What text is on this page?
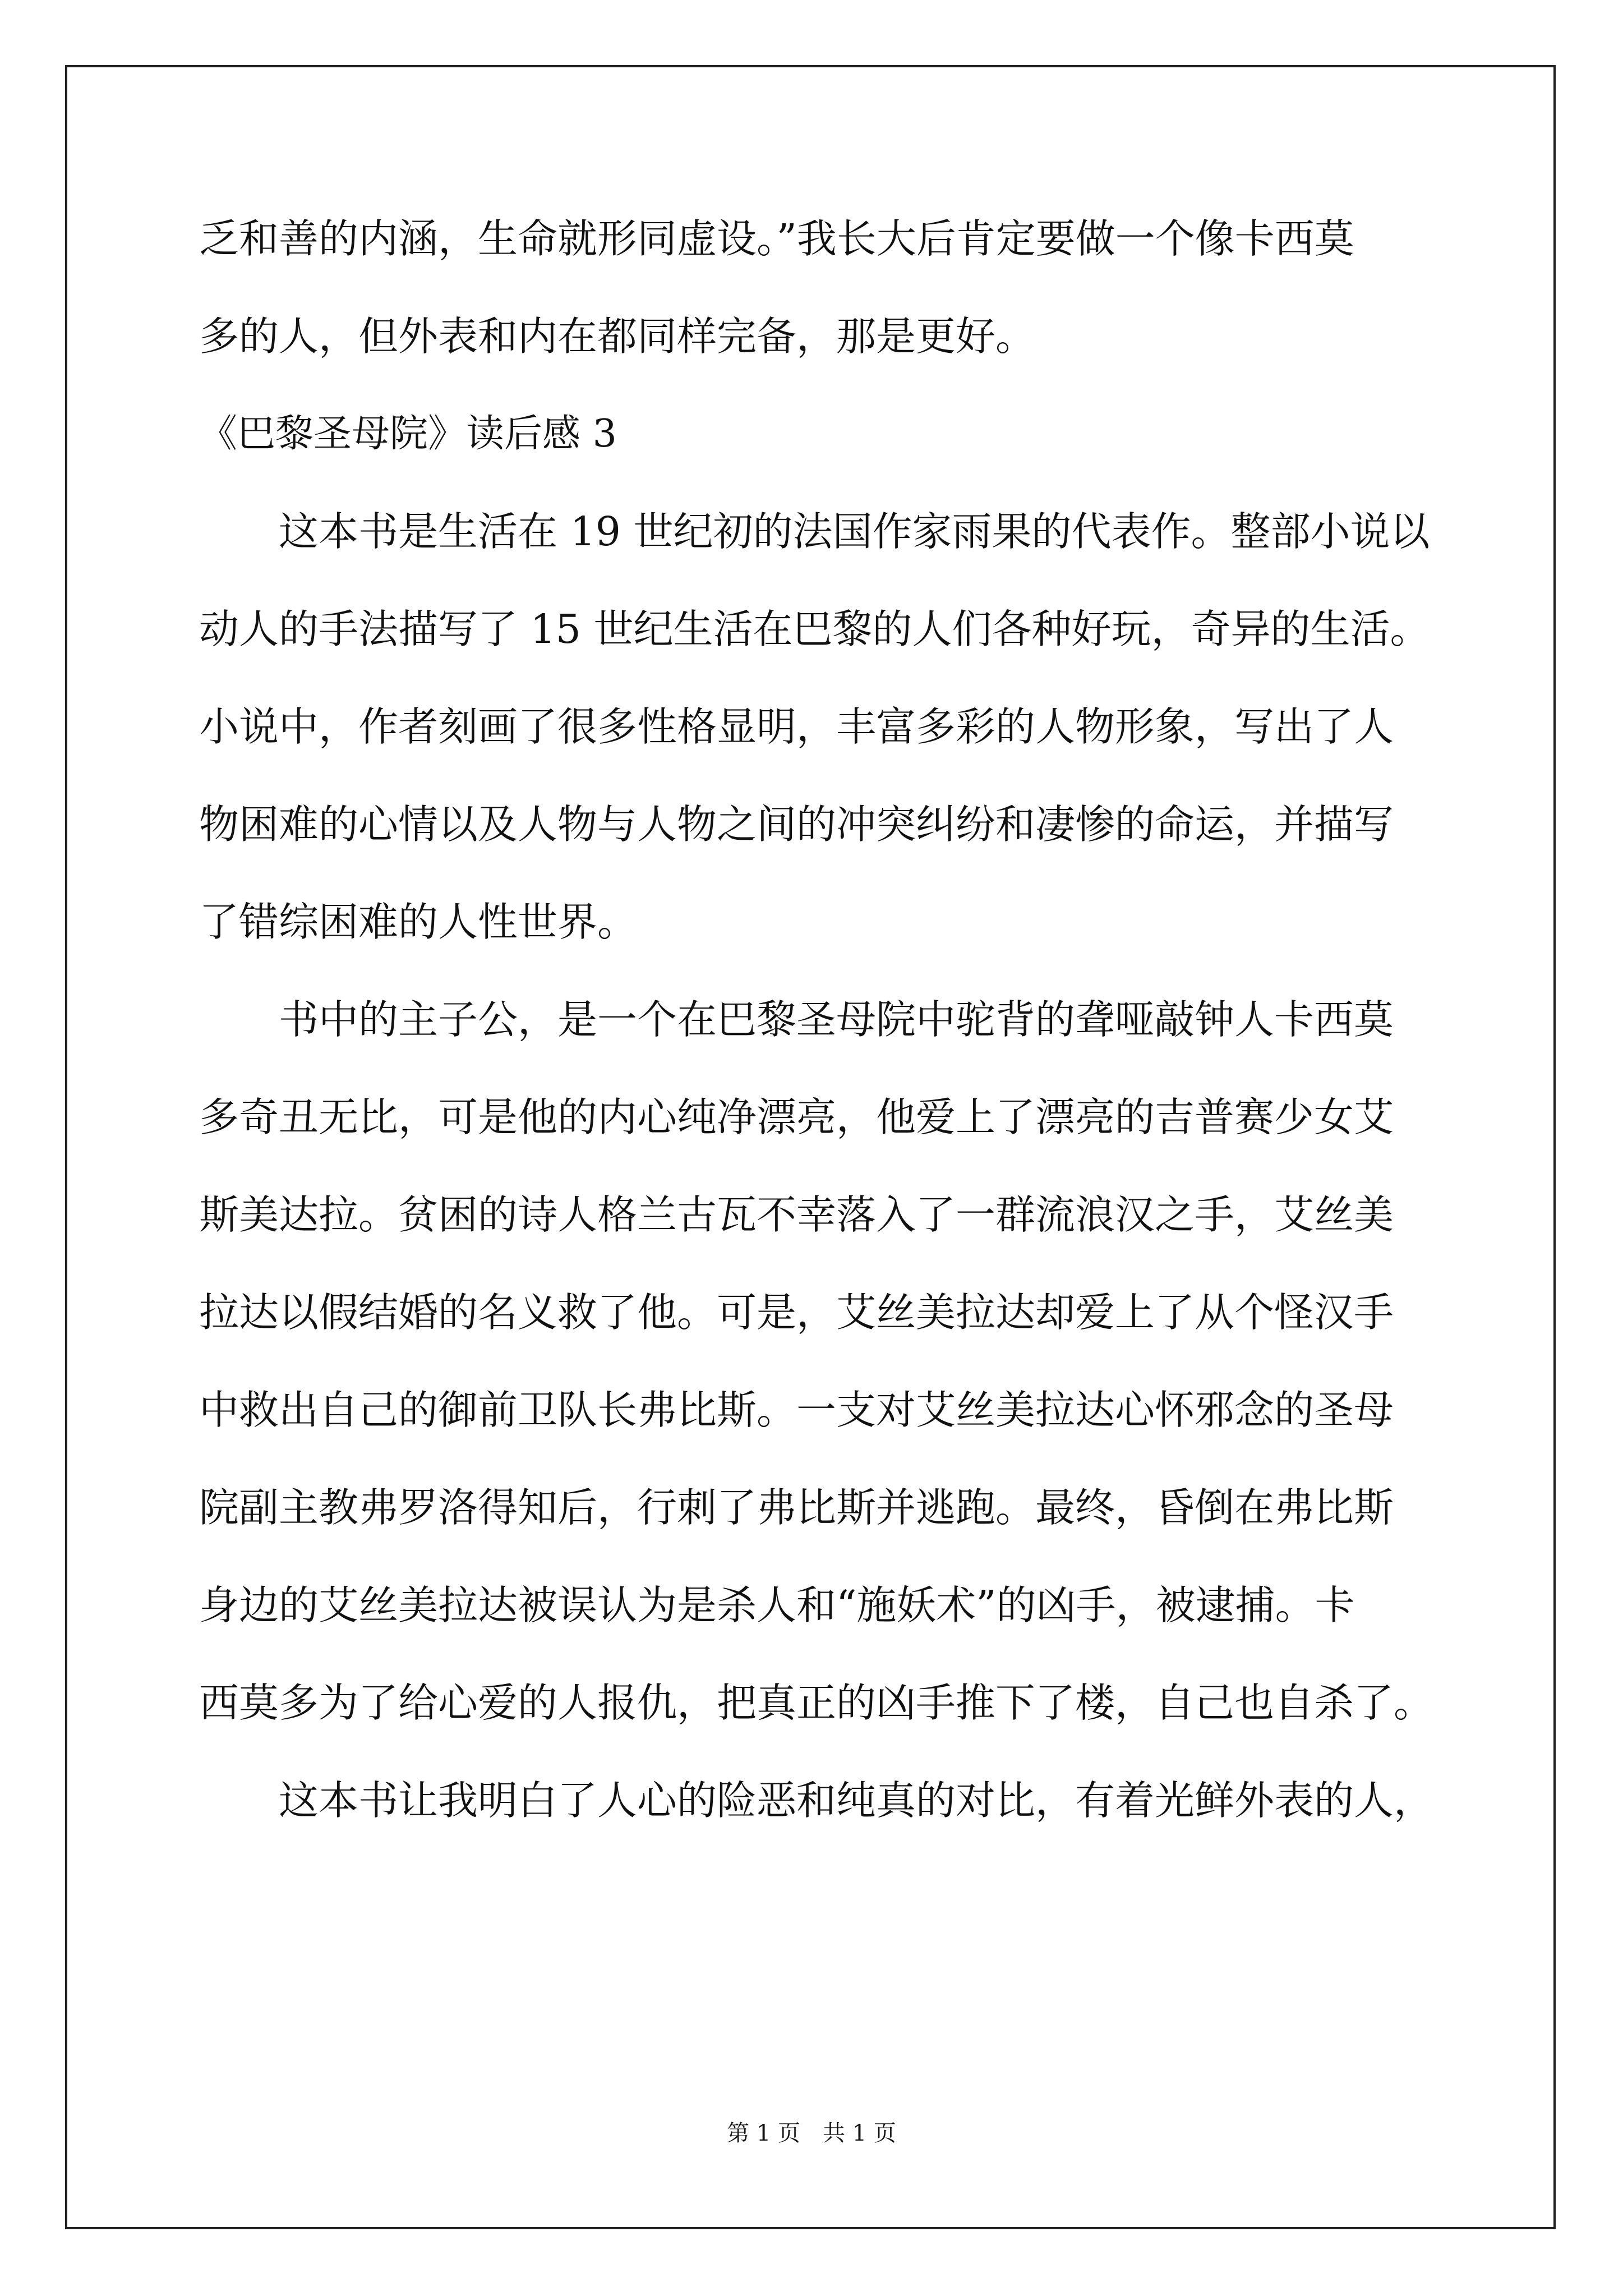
乏和善的内涵，生命就形同虚设。”我长大后肯定要做一个像卡西莫
多的人，但外表和内在都同样完备，那是更好。
《巴黎圣母院》读后感 3
这本书是生活在 19 世纪初的法国作家雨果的代表作。整部小说以
动人的手法描写了 15 世纪生活在巴黎的人们各种好玩，奇异的生活。
小说中，作者刻画了很多性格显明，丰富多彩的人物形象，写出了人
物困难的心情以及人物与人物之间的冲突纠纷和凄惨的命运，并描写
了错综困难的人性世界。
书中的主子公，是一个在巴黎圣母院中驼背的聋哑敲钟人卡西莫
多奇丑无比，可是他的内心纯净漂亮，他爱上了漂亮的吉普赛少女艾
斯美达拉。贫困的诗人格兰古瓦不幸落入了一群流浪汉之手，艾丝美
拉达以假结婚的名义救了他。可是，艾丝美拉达却爱上了从个怪汉手
中救出自己的御前卫队长弗比斯。一支对艾丝美拉达心怀邪念的圣母
院副主教弗罗洛得知后，行刺了弗比斯并逃跑。最终，昏倒在弗比斯
身边的艾丝美拉达被误认为是杀人和“施妖术”的凶手，被逮捕。卡
西莫多为了给心爱的人报仇，把真正的凶手推下了楼，自己也自杀了。
这本书让我明白了人心的险恶和纯真的对比，有着光鲜外表的人，
第 1 页　共 1 页
